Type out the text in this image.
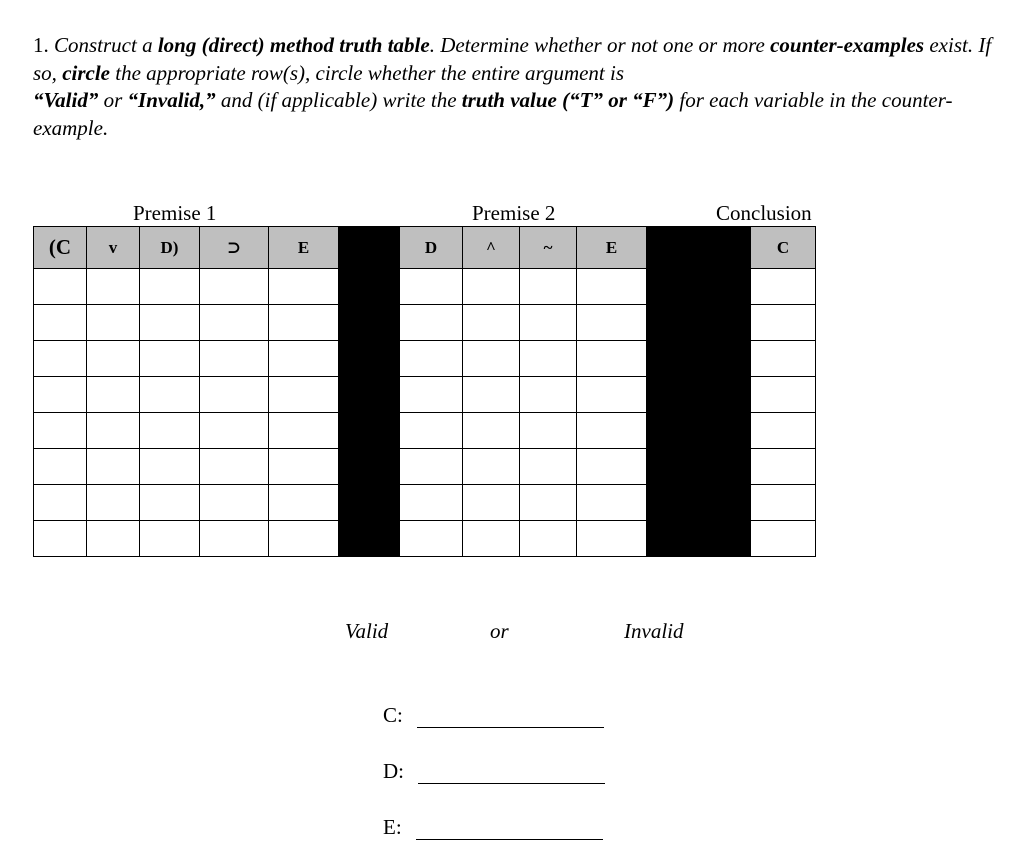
1. Construct a long (direct) method truth table. Determine whether or not one or more counter-examples exist. If so, circle the appropriate row(s), circle whether the entire argument is
“Valid” or “Invalid,” and (if applicable) write the truth value (“T” or “F”) for each variable in the counter-example.
Premise 1	Premise 2	Conclusion
(C	v	D)	⊃	E		D	^	~	E		C

Valid	or	Invalid
C:
D:
E:
